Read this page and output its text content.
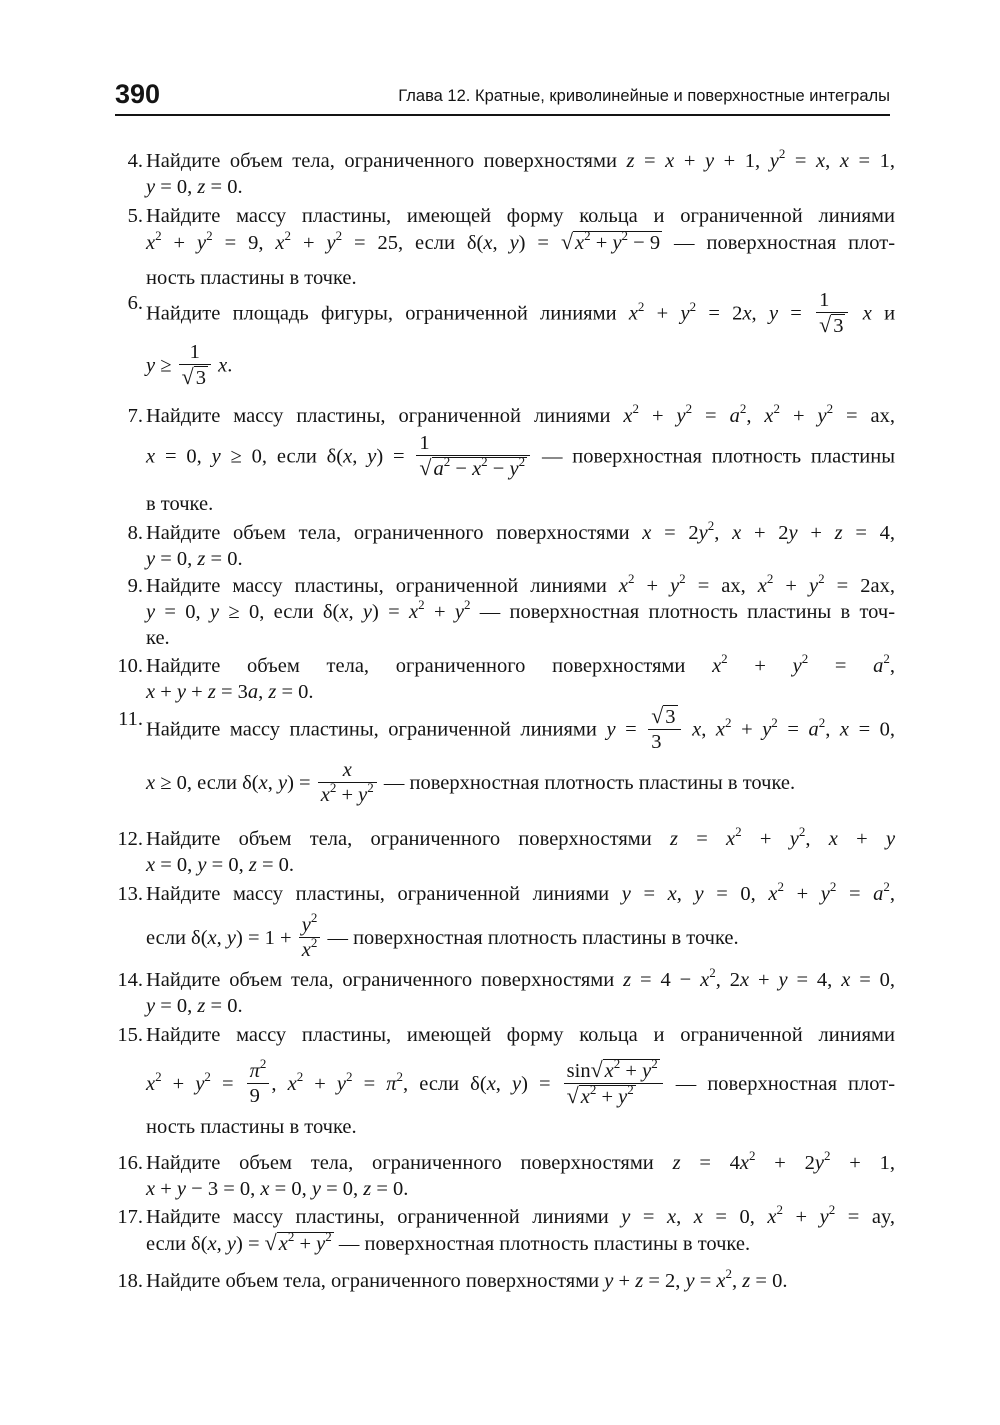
390	Глава 12. Кратные, криволинейные и поверхностные интегралы
4. Найдите объем тела, ограниченного поверхностями z = x + y + 1, $y^2 = x$, x = 1,
y = 0, z = 0.
5. Найдите массу пластины, имеющей форму кольца и ограниченной линиями
$x^2 + y^2 = 9$, $x^2 + y^2 = 25$, если δ(x, $y) = √x^2 + y^2 - 9$ — поверхностная плот-
ность пластины в точке.
6. Найдите площадь фигуры, ограниченной линиями $x^2 + y^2 = 2x$, $y = \frac{1}{√3}$ x и
$y \ge \frac{1}{√3} x$.
7. Найдите массу пластины, ограниченной линиями $x^2 + y^2 = a^2$, $x^2 + y^2$ = ax,
x = 0, y ≥ 0, если δ(x, $y) = \frac{1}{√a^2 - x^2 - y^2}$ — поверхностная плотность пластины
в точке.
8. Найдите объем тела, ограниченного поверхностями $x = 2y^2$, x + 2y + z = 4,
y = 0, z = 0.
9. Найдите массу пластины, ограниченной линиями $x^2 + y^2$ = ax, $x^2 + y^2 = 2ax$,
y = 0, y ≥ 0, если δ(x, $y) = x^2 + y^2$ — поверхностная плотность пластины в точ-
ке.
10. Найдите объем тела, ограниченного поверхностями $x^2 + y^2 = a^2$,
x + y + z = 3a, z = 0.
11. Найдите массу пластины, ограниченной линиями $y = \frac{√3}{3} x$, $x^2 + y^2 = a^2$, x = 0,
x ≥ 0, если δ(x, $y) = \frac{x}{x^2 + y^2}$ — поверхностная плотность пластины в точке.
12. Найдите объем тела, ограниченного поверхностями $z = x^2 + y^2$, x + y
x = 0, y = 0, z = 0.
13. Найдите массу пластины, ограниченной линиями y = x, y = 0, $x^2 + y^2 = a^2$,
если δ(x, $y) = 1 + \frac{y^2}{x^2}$ — поверхностная плотность пластины в точке.
14. Найдите объем тела, ограниченного поверхностями $z = 4 - x^2$, 2x + y = 4, x = 0,
y = 0, z = 0.
15. Найдите массу пластины, имеющей форму кольца и ограниченной линиями
$x^2 + y^2 = \frac{\pi^2}{9}$ , $x^2 + y^2 = \pi^2$, если δ(x, $y) = \frac{\sin√x^2 + y^2}{√x^2 + y^2}$ — поверхностная плот-
ность пластины в точке.
16. Найдите объем тела, ограниченного поверхностями $z = 4x^2 + 2y^2 + 1$,
x + y − 3 = 0, x = 0, y = 0, z = 0.
17. Найдите массу пластины, ограниченной линиями y = x, x = 0, $x^2 + y^2$ = ay,
если δ(x, $y) = √x^2 + y^2$ — поверхностная плотность пластины в точке.
18. Найдите объем тела, ограниченного поверхностями y + z = 2, $y = x^2$, z = 0.
